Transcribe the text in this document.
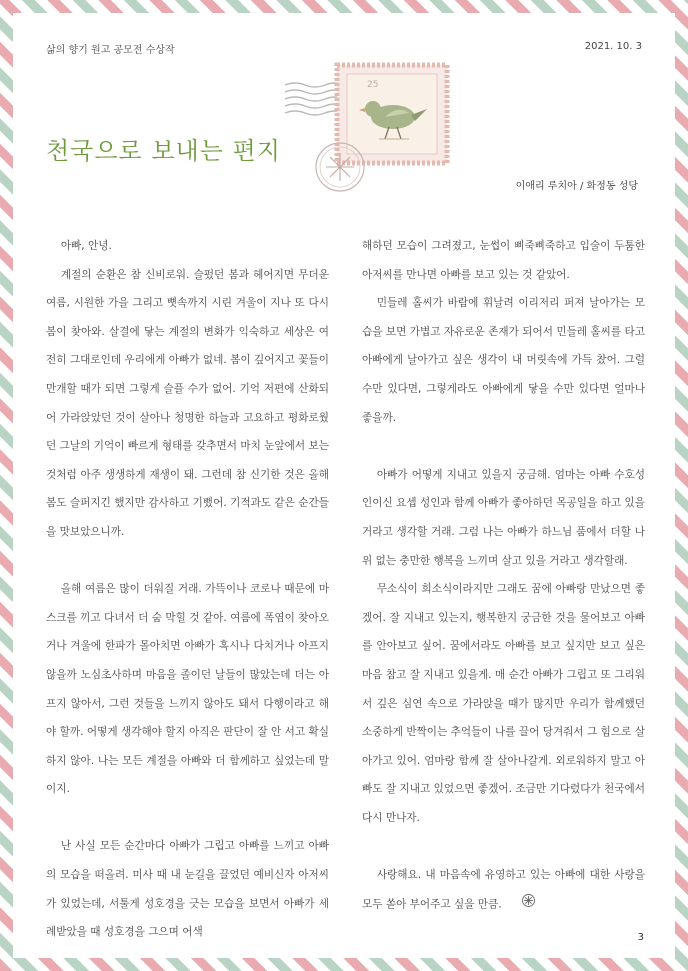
삶의 향기 원고 공모전 수상작	2021. 10. 3
25
천국으로 보내는 편지
이애리 루치아 / 화정동 성당

아빠, 안녕.

계절의 순환은 참 신비로워. 슬펐던 봄과 헤어지면 무더운 여름, 시원한 가을 그리고 뼛속까지 시린 겨울이 지나 또 다시 봄이 찾아와. 살결에 닿는 계절의 변화가 익숙하고 세상은 여전히 그대로인데 우리에게 아빠가 없네. 봄이 깊어지고 꽃들이 만개할 때가 되면 그렇게 슬플 수가 없어. 기억 저편에 산화되어 가라앉았던 것이 살아나 청명한 하늘과 고요하고 평화로웠던 그날의 기억이 빠르게 형태를 갖추면서 마치 눈앞에서 보는 것처럼 아주 생생하게 재생이 돼. 그런데 참 신기한 것은 올해 봄도 슬퍼지긴 했지만 감사하고 기뻤어. 기적과도 같은 순간들을 맛보았으니까.

올해 여름은 많이 더워질 거래. 가뜩이나 코로나 때문에 마스크를 끼고 다녀서 더 숨 막힐 것 같아. 여름에 폭염이 찾아오거나 겨울에 한파가 몰아치면 아빠가 혹시나 다치거나 아프지 않을까 노심초사하며 마음을 졸이던 날들이 많았는데 더는 아프지 않아서, 그런 것들을 느끼지 않아도 돼서 다행이라고 해야 할까. 어떻게 생각해야 할지 아직은 판단이 잘 안 서고 확실하지 않아. 나는 모든 계절을 아빠와 더 함께하고 싶었는데 말이지.

난 사실 모든 순간마다 아빠가 그립고 아빠를 느끼고 아빠의 모습을 떠올려. 미사 때 내 눈길을 끌었던 예비신자 아저씨가 있었는데, 서툴게 성호경을 긋는 모습을 보면서 아빠가 세례받았을 때 성호경을 그으며 어색

해하던 모습이 그려졌고, 눈썹이 삐죽삐죽하고 입술이 두툼한 아저씨를 만나면 아빠를 보고 있는 것 같았어.

민들레 홀씨가 바람에 휘날려 이리저리 퍼져 날아가는 모습을 보면 가볍고 자유로운 존재가 되어서 민들레 홀씨를 타고 아빠에게 날아가고 싶은 생각이 내 머릿속에 가득 찼어. 그럴 수만 있다면, 그렇게라도 아빠에게 닿을 수만 있다면 얼마나 좋을까.

아빠가 어떻게 지내고 있을지 궁금해. 엄마는 아빠 수호성인이신 요셉 성인과 함께 아빠가 좋아하던 목공일을 하고 있을 거라고 생각할 거래. 그럼 나는 아빠가 하느님 품에서 더할 나위 없는 충만한 행복을 느끼며 살고 있을 거라고 생각할래.

무소식이 희소식이라지만 그래도 꿈에 아빠랑 만났으면 좋겠어. 잘 지내고 있는지, 행복한지 궁금한 것을 물어보고 아빠를 안아보고 싶어. 꿈에서라도 아빠를 보고 싶지만 보고 싶은 마음 참고 잘 지내고 있을게. 매 순간 아빠가 그립고 또 그리워서 깊은 심연 속으로 가라앉을 때가 많지만 우리가 함께했던 소중하게 반짝이는 추억들이 나를 끌어 당겨줘서 그 힘으로 살아가고 있어. 엄마랑 함께 잘 살아나갈게. 외로워하지 말고 아빠도 잘 지내고 있었으면 좋겠어. 조금만 기다렸다가 천국에서 다시 만나자.

사랑해요. 내 마음속에 유영하고 있는 아빠에 대한 사랑을 모두 쏟아 부어주고 싶을 만큼.

3
